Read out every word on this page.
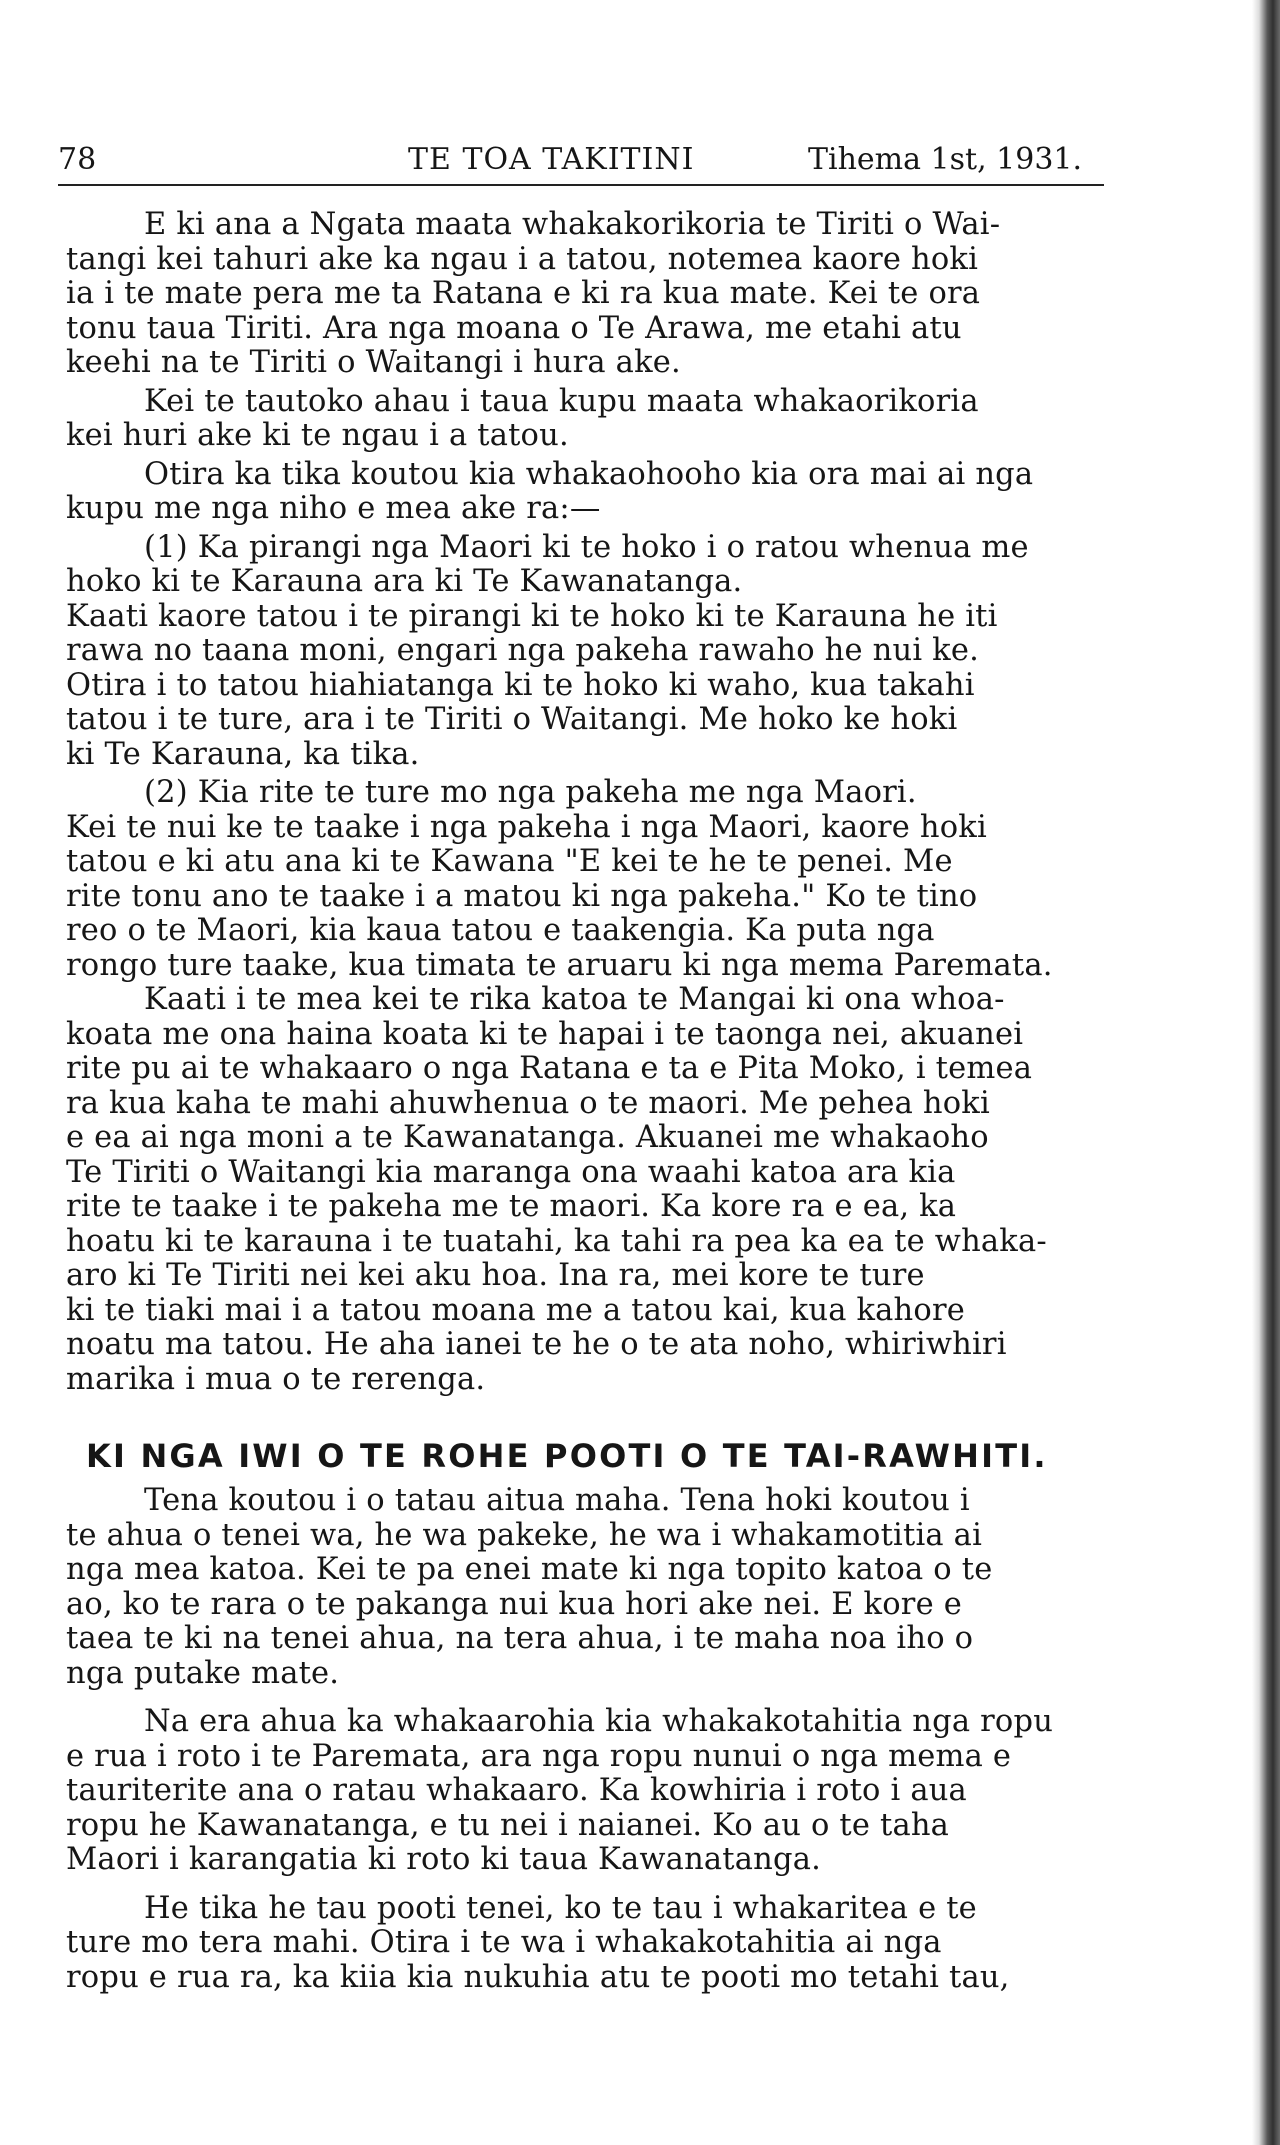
78	TE TOA TAKITINI	Tihema 1st, 1931.

E ki ana a Ngata maata whakakorikoria te Tiriti o Wai-
tangi kei tahuri ake ka ngau i a tatou, notemea kaore hoki
ia i te mate pera me ta Ratana e ki ra kua mate. Kei te ora
tonu taua Tiriti. Ara nga moana o Te Arawa, me etahi atu
keehi na te Tiriti o Waitangi i hura ake.

Kei te tautoko ahau i taua kupu maata whakaorikoria
kei huri ake ki te ngau i a tatou.

Otira ka tika koutou kia whakaohooho kia ora mai ai nga
kupu me nga niho e mea ake ra:—

(1) Ka pirangi nga Maori ki te hoko i o ratou whenua me
hoko ki te Karauna ara ki Te Kawanatanga.

Kaati kaore tatou i te pirangi ki te hoko ki te Karauna he iti
rawa no taana moni, engari nga pakeha rawaho he nui ke.
Otira i to tatou hiahiatanga ki te hoko ki waho, kua takahi
tatou i te ture, ara i te Tiriti o Waitangi. Me hoko ke hoki
ki Te Karauna, ka tika.

(2) Kia rite te ture mo nga pakeha me nga Maori.

Kei te nui ke te taake i nga pakeha i nga Maori, kaore hoki
tatou e ki atu ana ki te Kawana "E kei te he te penei. Me
rite tonu ano te taake i a matou ki nga pakeha." Ko te tino
reo o te Maori, kia kaua tatou e taakengia. Ka puta nga
rongo ture taake, kua timata te aruaru ki nga mema Paremata.

Kaati i te mea kei te rika katoa te Mangai ki ona whoa-
koata me ona haina koata ki te hapai i te taonga nei, akuanei
rite pu ai te whakaaro o nga Ratana e ta e Pita Moko, i temea
ra kua kaha te mahi ahuwhenua o te maori. Me pehea hoki
e ea ai nga moni a te Kawanatanga. Akuanei me whakaoho
Te Tiriti o Waitangi kia maranga ona waahi katoa ara kia
rite te taake i te pakeha me te maori. Ka kore ra e ea, ka
hoatu ki te karauna i te tuatahi, ka tahi ra pea ka ea te whaka-
aro ki Te Tiriti nei kei aku hoa. Ina ra, mei kore te ture
ki te tiaki mai i a tatou moana me a tatou kai, kua kahore
noatu ma tatou. He aha ianei te he o te ata noho, whiriwhiri
marika i mua o te rerenga.

KI NGA IWI O TE ROHE POOTI O TE TAI-RAWHITI.

Tena koutou i o tatau aitua maha. Tena hoki koutou i
te ahua o tenei wa, he wa pakeke, he wa i whakamotitia ai
nga mea katoa. Kei te pa enei mate ki nga topito katoa o te
ao, ko te rara o te pakanga nui kua hori ake nei. E kore e
taea te ki na tenei ahua, na tera ahua, i te maha noa iho o
nga putake mate.

Na era ahua ka whakaarohia kia whakakotahitia nga ropu
e rua i roto i te Paremata, ara nga ropu nunui o nga mema e
tauriterite ana o ratau whakaaro. Ka kowhiria i roto i aua
ropu he Kawanatanga, e tu nei i naianei. Ko au o te taha
Maori i karangatia ki roto ki taua Kawanatanga.

He tika he tau pooti tenei, ko te tau i whakaritea e te
ture mo tera mahi. Otira i te wa i whakakotahitia ai nga
ropu e rua ra, ka kiia kia nukuhia atu te pooti mo tetahi tau,
